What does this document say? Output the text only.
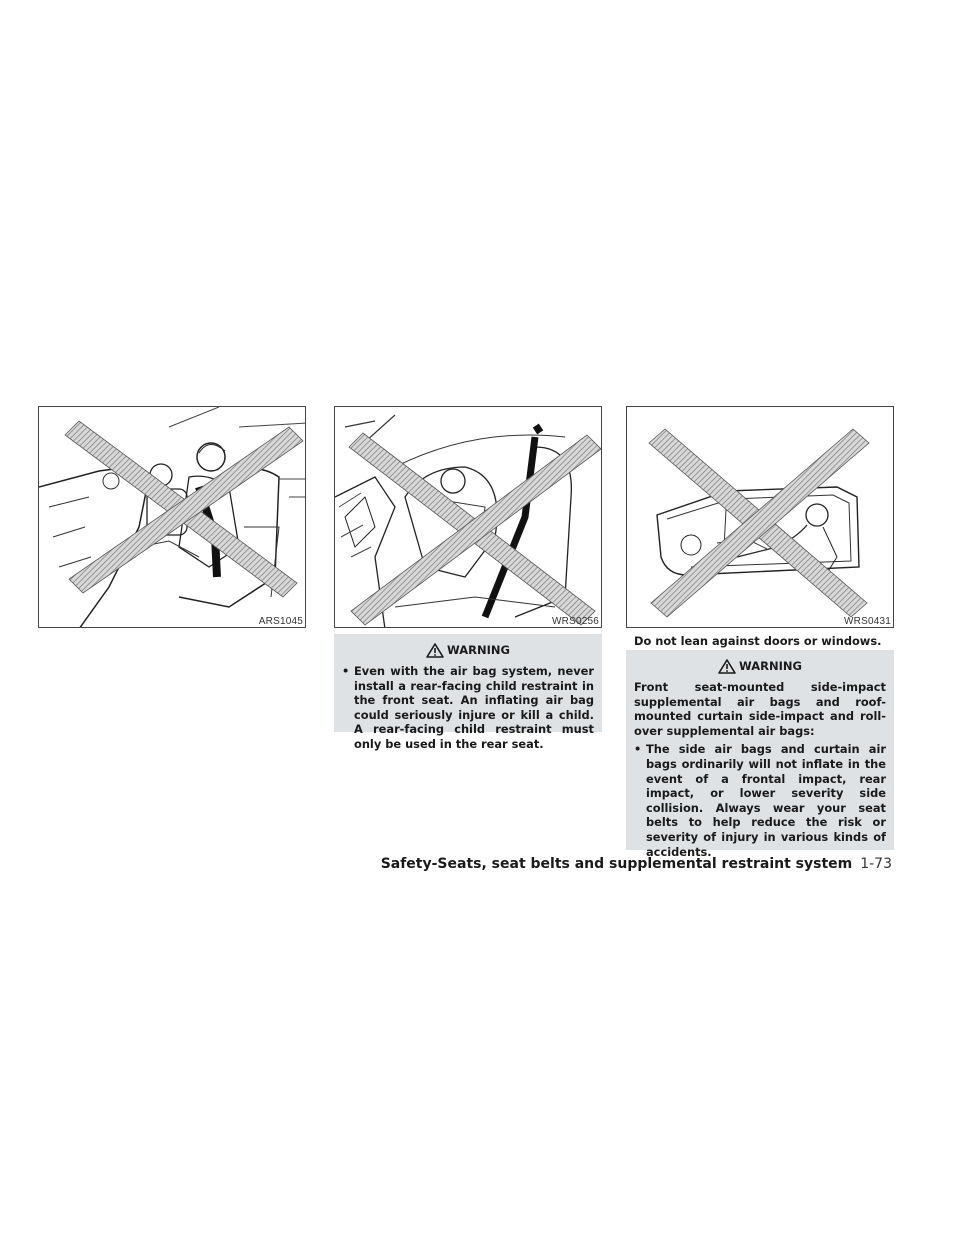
ARS1045	WRS0256	WRS0431
WARNING
• Even with the air bag system, never install a rear-facing child restraint in the front seat. An inflating air bag could seriously injure or kill a child. A rear-facing child restraint must only be used in the rear seat.
Do not lean against doors or windows.
WARNING
Front seat-mounted side-impact supplemental air bags and roof-mounted curtain side-impact and roll-over supplemental air bags:
• The side air bags and curtain air bags ordinarily will not inflate in the event of a frontal impact, rear impact, or lower severity side collision. Always wear your seat belts to help reduce the risk or severity of injury in various kinds of accidents.
Safety-Seats, seat belts and supplemental restraint system 1-73
